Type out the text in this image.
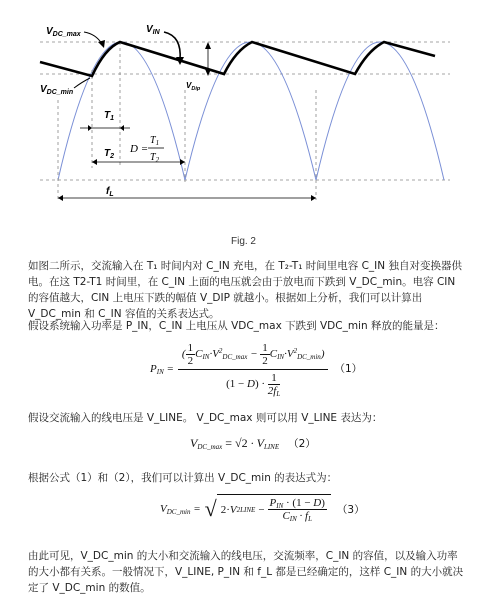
$V_{DC\_max}$	$V_{IN}$
$V_{DC\_min}$
$V_{Dip}$
$T_1$
$T_2$
$f_L$
D =
$T_1$
$T_2$
Fig. 2

如图二所示，交流输入在 T₁ 时间内对 C_IN 充电，在 T₂-T₁ 时间里电容 C_IN 独自对变换器供电。在这 T2-T1 时间里，在 C_IN 上面的电压就会由于放电而下跌到 V_DC_min。电容 CIN 的容值越大，CIN 上电压下跌的幅值 V_DIP 就越小。根据如上分析，我们可以计算出 V_DC_min 和 C_IN 容值的关系表达式。

假设系统输入功率是 P_IN，C_IN 上电压从 VDC_max 下跌到 VDC_min 释放的能量是：

$P_{IN} = \frac{( \frac{1}{2} C_{IN}\cdot V^2_{DC\_max} - \frac{1}{2} C_{IN}\cdot V^2_{DC\_min})}{(1 - D) \cdot \frac{1}{2f_L}} (1)$

假设交流输入的线电压是 V_LINE。 V_DC_max 则可以用 V_LINE 表达为：

$V_{DC\_max} = √2 \cdot V_{LINE}$ （2）

根据公式（1）和（2），我们可以计算出 V_DC_min 的表达式为：

$V_{DC\_min}$ = √ 2· V 2 LINE − $\frac{P_{IN} \cdot (1 - D)}{C_{IN} \cdot f_L} (3)$

由此可见，V_DC_min 的大小和交流输入的线电压，交流频率，C_IN 的容值，以及输入功率的大小都有关系。一般情况下，V_LINE, P_IN 和 f_L 都是已经确定的，这样 C_IN 的大小就决定了 V_DC_min 的数值。
